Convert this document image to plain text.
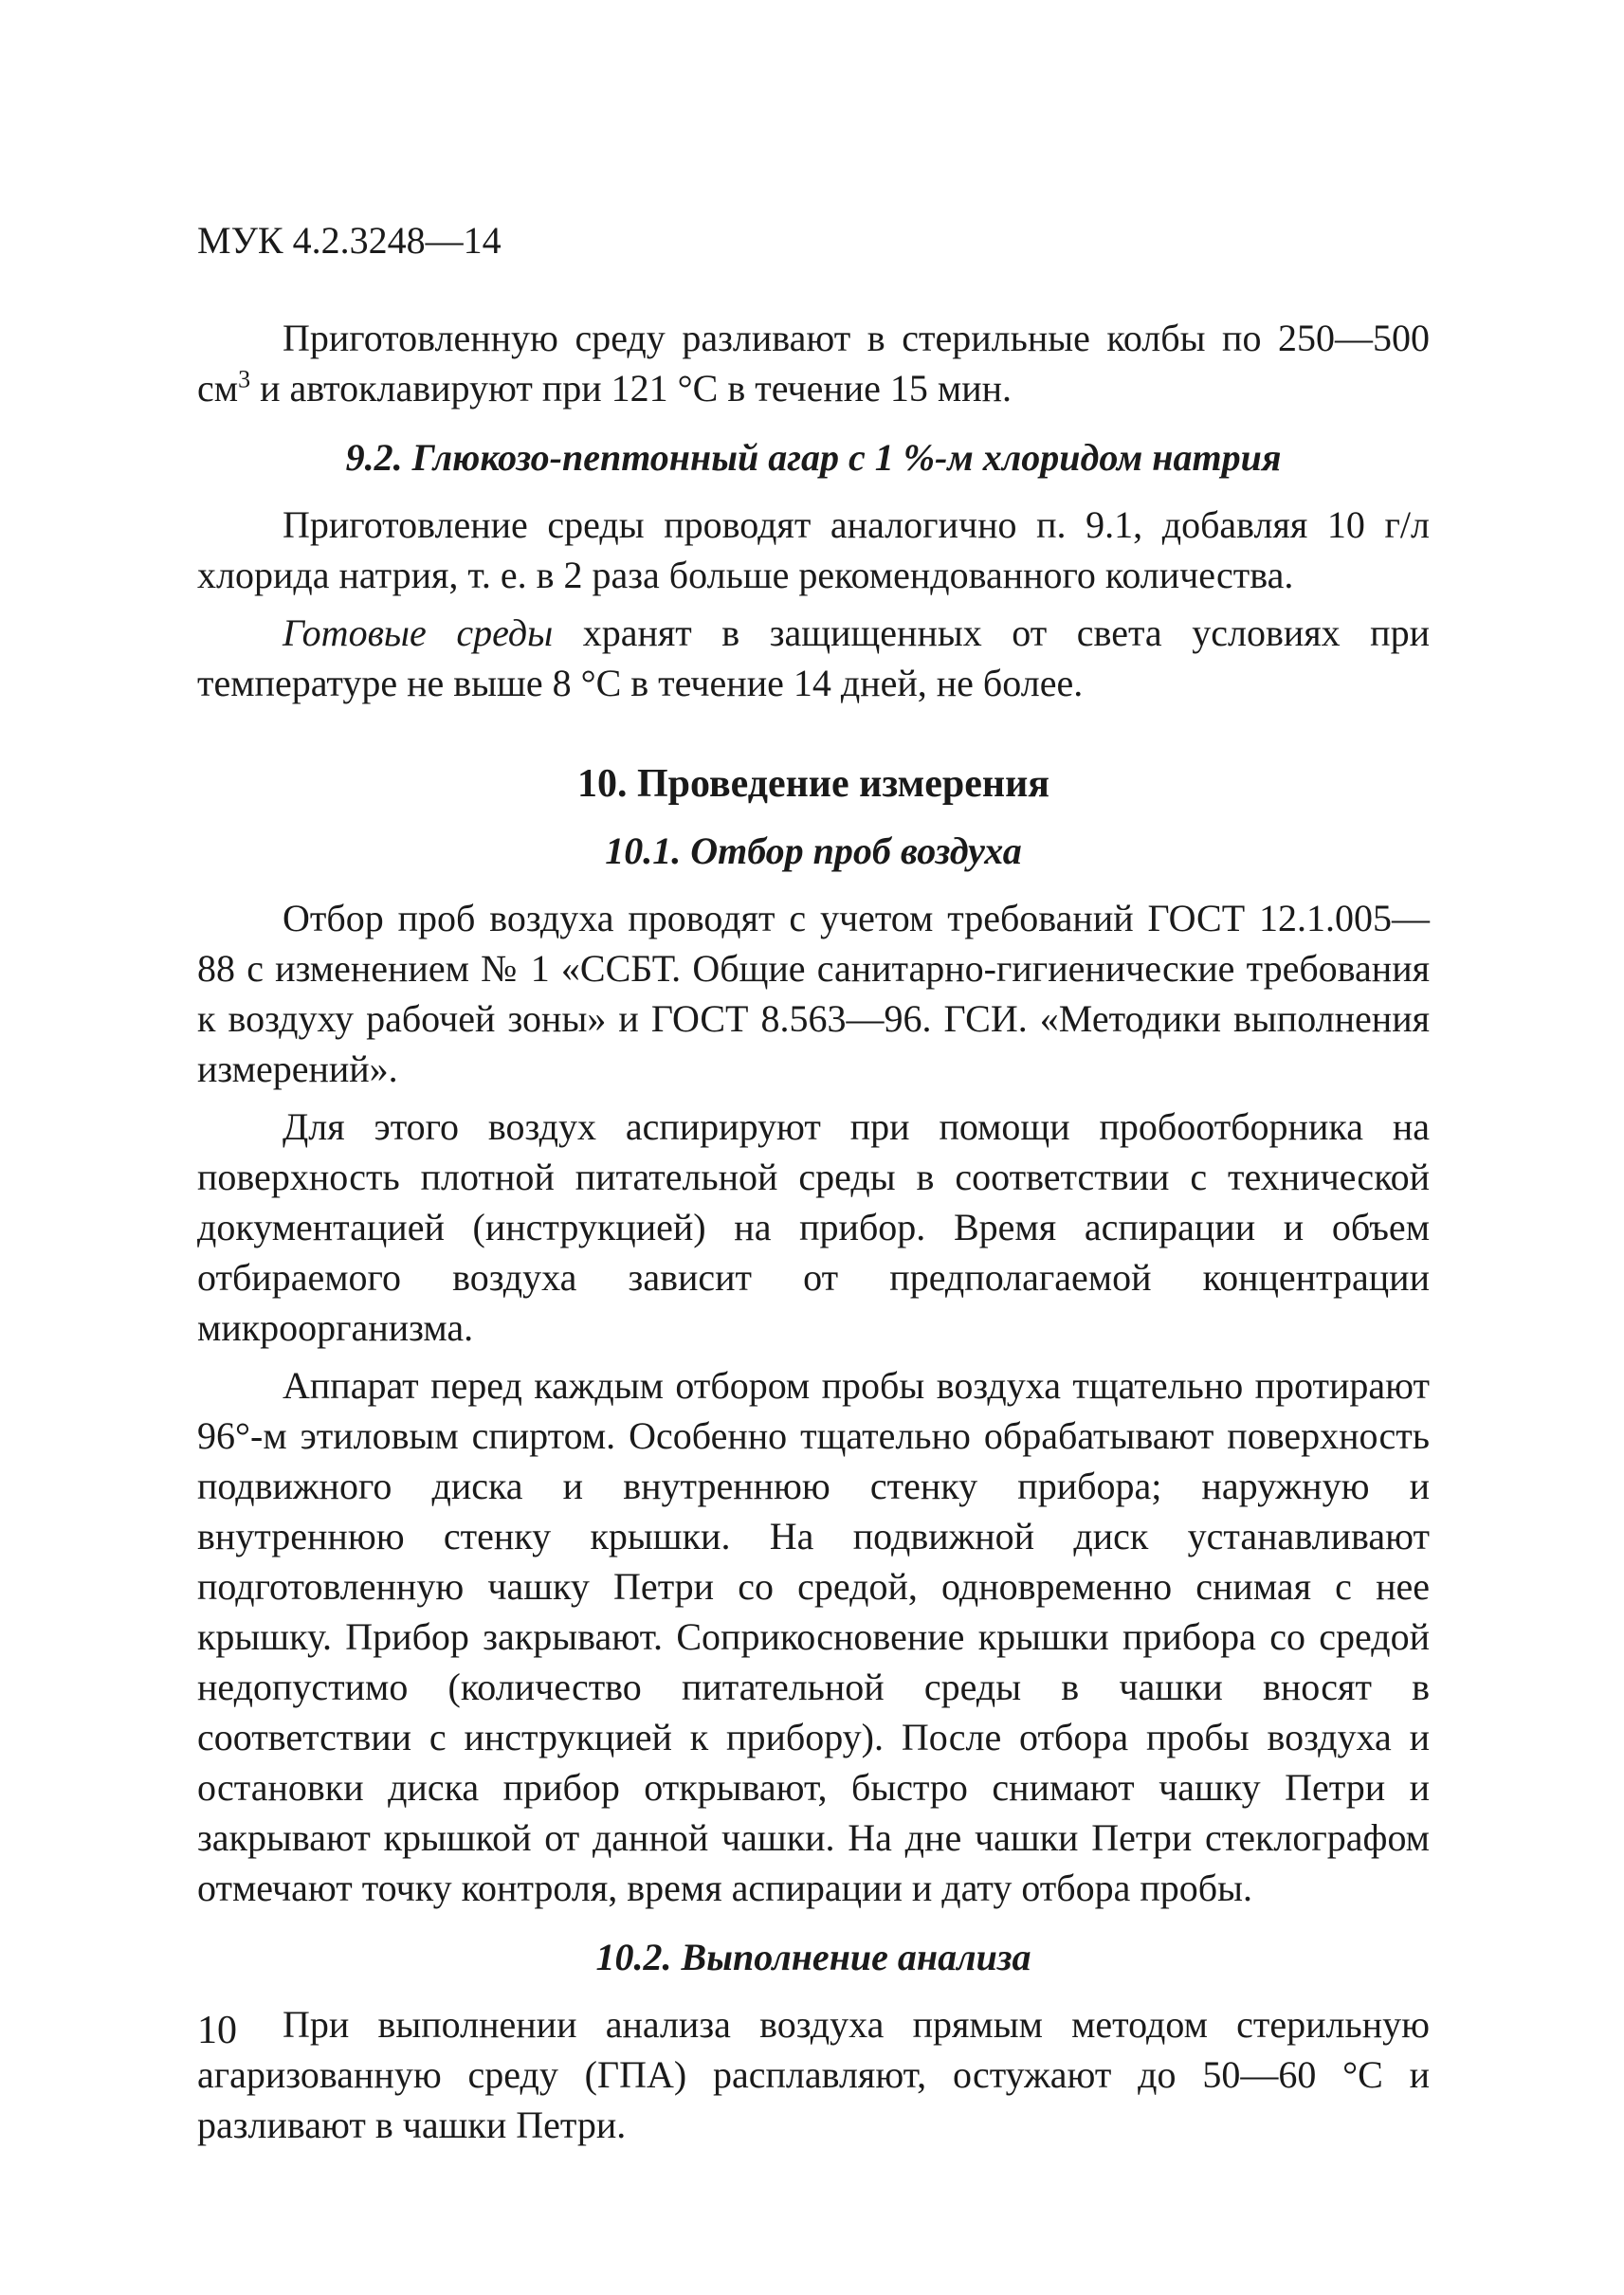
МУК 4.2.3248—14

Приготовленную среду разливают в стерильные колбы по 250—500 $см^3$ и автоклавируют при 121 °С в течение 15 мин.

9.2. Глюкозо-пептонный агар с 1 %-м хлоридом натрия

Приготовление среды проводят аналогично п. 9.1, добавляя 10 г/л хлорида натрия, т. е. в 2 раза больше рекомендованного количества.

Готовые среды хранят в защищенных от света условиях при температуре не выше 8 °С в течение 14 дней, не более.

10. Проведение измерения
10.1. Отбор проб воздуха

Отбор проб воздуха проводят с учетом требований ГОСТ 12.1.005—88 с изменением № 1 «ССБТ. Общие санитарно-гигиенические требования к воздуху рабочей зоны» и ГОСТ 8.563—96. ГСИ. «Методики выполнения измерений».

Для этого воздух аспирируют при помощи пробоотборника на поверхность плотной питательной среды в соответствии с технической документацией (инструкцией) на прибор. Время аспирации и объем отбираемого воздуха зависит от предполагаемой концентрации микроорганизма.

Аппарат перед каждым отбором пробы воздуха тщательно протирают 96°-м этиловым спиртом. Особенно тщательно обрабатывают поверхность подвижного диска и внутреннюю стенку прибора; наружную и внутреннюю стенку крышки. На подвижной диск устанавливают подготовленную чашку Петри со средой, одновременно снимая с нее крышку. Прибор закрывают. Соприкосновение крышки прибора со средой недопустимо (количество питательной среды в чашки вносят в соответствии с инструкцией к прибору). После отбора пробы воздуха и остановки диска прибор открывают, быстро снимают чашку Петри и закрывают крышкой от данной чашки. На дне чашки Петри стеклографом отмечают точку контроля, время аспирации и дату отбора пробы.

10.2. Выполнение анализа

При выполнении анализа воздуха прямым методом стерильную агаризованную среду (ГПА) расплавляют, остужают до 50—60 °С и разливают в чашки Петри.

10
